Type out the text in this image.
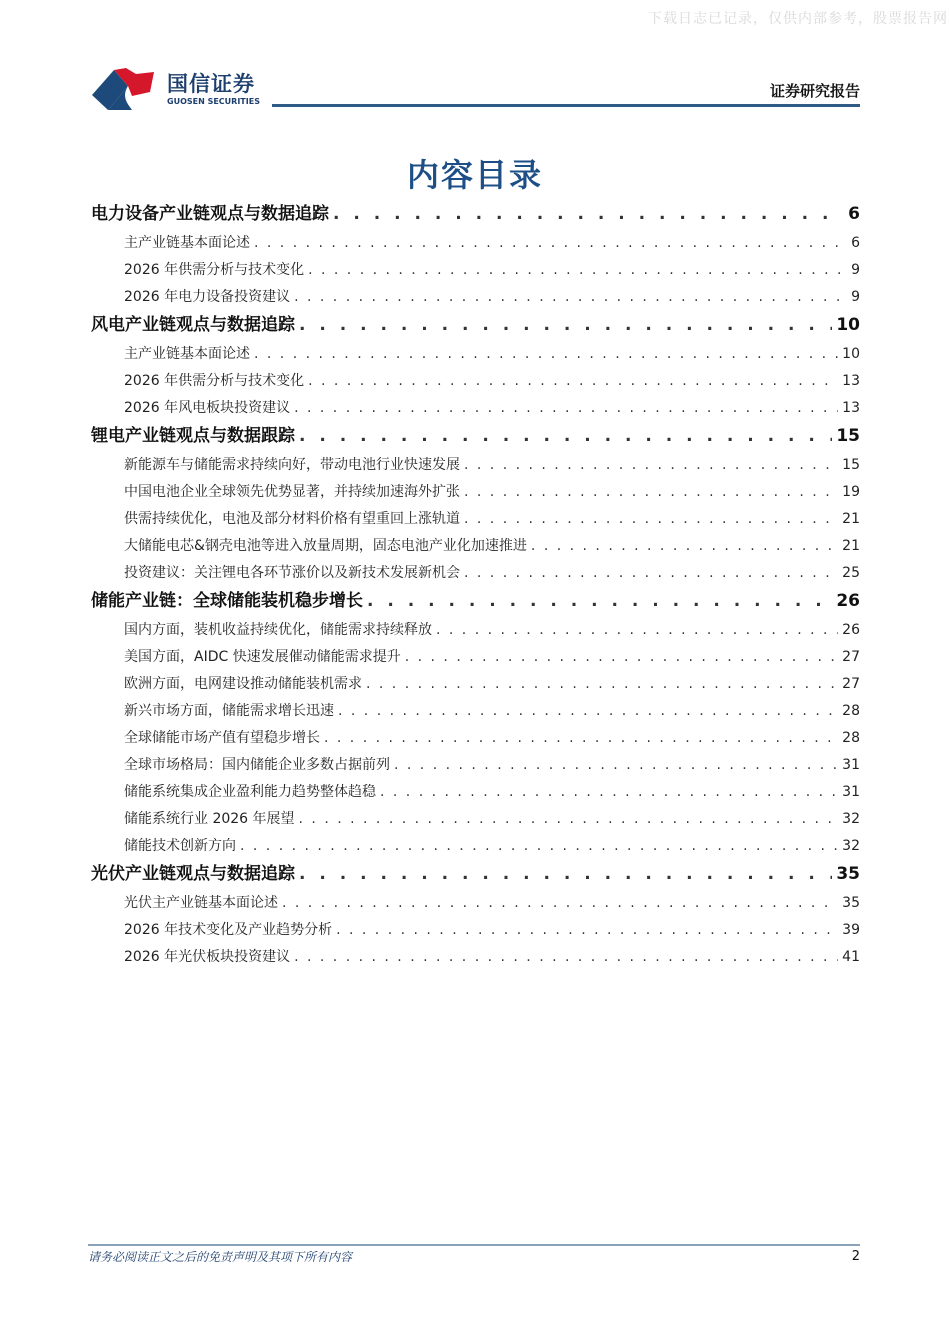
下载日志已记录，仅供内部参考，股票报告网
国信证券
GUOSEN SECURITIES
证券研究报告
内容目录
电力设备产业链观点与数据追踪 . . .	6
主产业链基本面论述 . . .	6
2026 年供需分析与技术变化 . . .	9
2026 年电力设备投资建议 . . .	9
风电产业链观点与数据追踪 . . .	10
主产业链基本面论述 . . .	10
2026 年供需分析与技术变化 . . .	13
2026 年风电板块投资建议 . . .	13
锂电产业链观点与数据跟踪 . . .	15
新能源车与储能需求持续向好，带动电池行业快速发展 . . .	15
中国电池企业全球领先优势显著，并持续加速海外扩张 . . .	19
供需持续优化，电池及部分材料价格有望重回上涨轨道 . . .	21
大储能电芯&钢壳电池等进入放量周期，固态电池产业化加速推进 . . .	21
投资建议：关注锂电各环节涨价以及新技术发展新机会 . . .	25
储能产业链：全球储能装机稳步增长 . . .	26
国内方面，装机收益持续优化，储能需求持续释放 . . .	26
美国方面，AIDC 快速发展催动储能需求提升 . . .	27
欧洲方面，电网建设推动储能装机需求 . . .	27
新兴市场方面，储能需求增长迅速 . . .	28
全球储能市场产值有望稳步增长 . . .	28
全球市场格局：国内储能企业多数占据前列 . . .	31
储能系统集成企业盈利能力趋势整体趋稳 . . .	31
储能系统行业 2026 年展望 . . .	32
储能技术创新方向 . . .	32
光伏产业链观点与数据追踪 . . .	35
光伏主产业链基本面论述 . . .	35
2026 年技术变化及产业趋势分析 . . .	39
2026 年光伏板块投资建议 . . .	41
请务必阅读正文之后的免责声明及其项下所有内容	2
